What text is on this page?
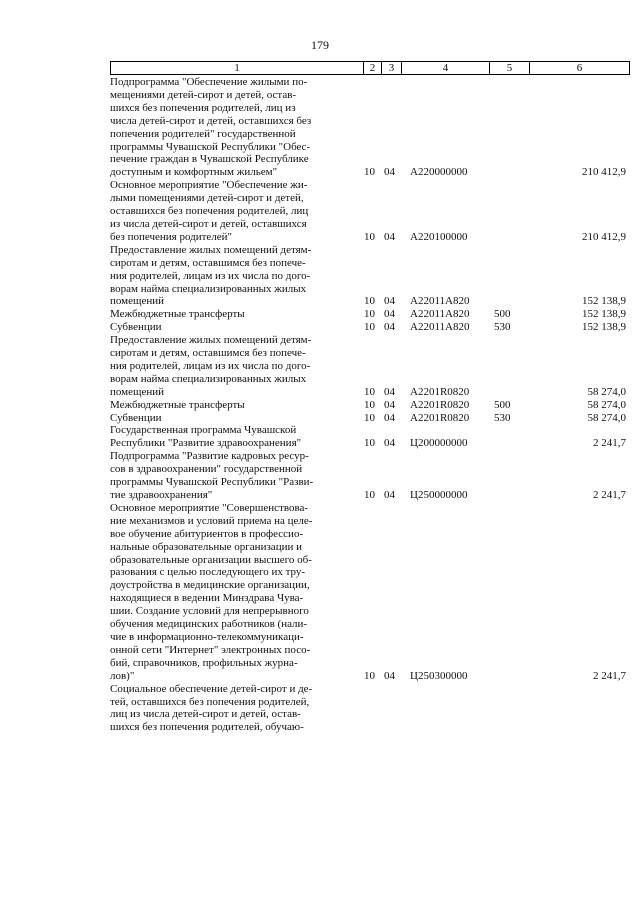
179
1	2	3	4	5	6
Подпрограмма "Обеспечение жилыми по-
мещениями детей-сирот и детей, остав-
шихся без попечения родителей, лиц из
числа детей-сирот и детей, оставшихся без
попечения родителей" государственной
программы Чувашской Республики "Обес-
печение граждан в Чувашской Республике
доступным и комфортным жильем"	10 04 А220000000	210 412,9
Основное мероприятие "Обеспечение жи-
лыми помещениями детей-сирот и детей,
оставшихся без попечения родителей, лиц
из числа детей-сирот и детей, оставшихся
без попечения родителей"	10 04 А220100000	210 412,9
Предоставление жилых помещений детям-
сиротам и детям, оставшимся без попече-
ния родителей, лицам из их числа по дого-
ворам найма специализированных жилых
помещений	10 04 А22011А820	152 138,9
Межбюджетные трансферты	10 04 А22011А820 500	152 138,9
Субвенции	10 04 А22011А820 530	152 138,9
Предоставление жилых помещений детям-
сиротам и детям, оставшимся без попече-
ния родителей, лицам из их числа по дого-
ворам найма специализированных жилых
помещений	10 04 А2201R0820	58 274,0
Межбюджетные трансферты	10 04 А2201R0820 500	58 274,0
Субвенции	10 04 А2201R0820 530	58 274,0
Государственная программа Чувашской
Республики "Развитие здравоохранения"	10 04 Ц200000000	2 241,7
Подпрограмма "Развитие кадровых ресур-
сов в здравоохранении" государственной
программы Чувашской Республики "Разви-
тие здравоохранения"	10 04 Ц250000000	2 241,7
Основное мероприятие "Совершенствова-
ние механизмов и условий приема на целе-
вое обучение абитуриентов в профессио-
нальные образовательные организации и
образовательные организации высшего об-
разования с целью последующего их тру-
доустройства в медицинские организации,
находящиеся в ведении Минздрава Чува-
шии. Создание условий для непрерывного
обучения медицинских работников (нали-
чие в информационно-телекоммуникаци-
онной сети "Интернет" электронных посо-
бий, справочников, профильных журна-
лов)"	10 04 Ц250300000	2 241,7
Социальное обеспечение детей-сирот и де-
тей, оставшихся без попечения родителей,
лиц из числа детей-сирот и детей, остав-
шихся без попечения родителей, обучаю-
